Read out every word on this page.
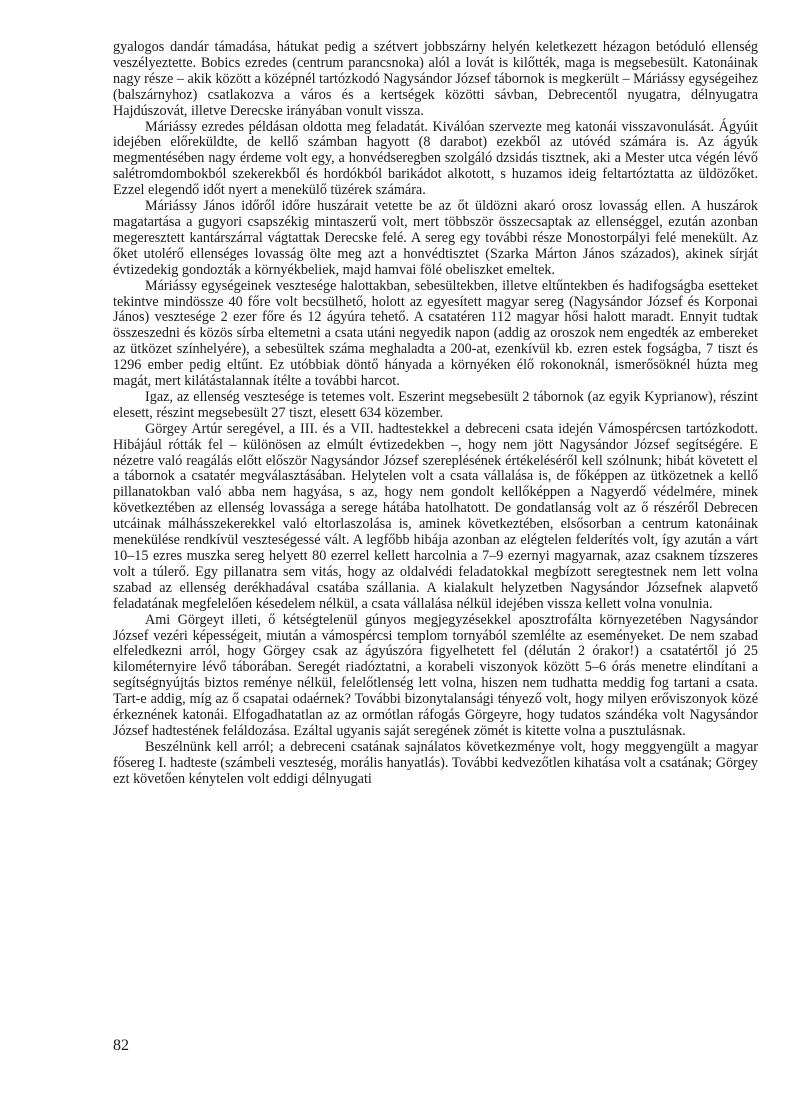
gyalogos dandár támadása, hátukat pedig a szétvert jobbszárny helyén keletkezett hézagon betóduló ellenség veszélyeztette. Bobics ezredes (centrum parancsnoka) alól a lovát is kilőtték, maga is megsebesült. Katonáinak nagy része – akik között a középnél tartózkodó Nagysándor József tábornok is megkerült – Máriássy egységeihez (balszárnyhoz) csatlakozva a város és a kertségek közötti sávban, Debrecentől nyugatra, délnyugatra Hajdúszovát, illetve Derecske irányában vonult vissza.

Máriássy ezredes példásan oldotta meg feladatát. Kiválóan szervezte meg katonái visszavonulását. Ágyúit idejében előreküldte, de kellő számban hagyott (8 darabot) ezekből az utóvéd számára is. Az ágyúk megmentésében nagy érdeme volt egy, a honvédseregben szolgáló dzsidás tisztnek, aki a Mester utca végén lévő salétromdombokból szekerekből és hordókból barikádot alkotott, s huzamos ideig feltartóztatta az üldözőket. Ezzel elegendő időt nyert a menekülő tüzérek számára.

Máriássy János időről időre huszárait vetette be az őt üldözni akaró orosz lovasság ellen. A huszárok magatartása a gugyori csapszékig mintaszerű volt, mert többször összecsaptak az ellenséggel, ezután azonban megeresztett kantárszárral vágtattak Derecske felé. A sereg egy további része Monostorpályi felé menekült. Az őket utolérő ellenséges lovasság ölte meg azt a honvédtisztet (Szarka Márton János százados), akinek sírját évtizedekig gondozták a környékbeliek, majd hamvai fölé obeliszket emeltek.

Máriássy egységeinek vesztesége halottakban, sebesültekben, illetve eltűntekben és hadifogságba esetteket tekintve mindössze 40 főre volt becsülhető, holott az egyesített magyar sereg (Nagysándor József és Korponai János) vesztesége 2 ezer főre és 12 ágyúra tehető. A csatatéren 112 magyar hősi halott maradt. Ennyit tudtak összeszedni és közös sírba eltemetni a csata utáni negyedik napon (addig az oroszok nem engedték az embereket az ütközet színhelyére), a sebesültek száma meghaladta a 200-at, ezenkívül kb. ezren estek fogságba, 7 tiszt és 1296 ember pedig eltűnt. Ez utóbbiak döntő hányada a környéken élő rokonoknál, ismerősöknél húzta meg magát, mert kilátástalannak ítélte a további harcot.

Igaz, az ellenség vesztesége is tetemes volt. Eszerint megsebesült 2 tábornok (az egyik Kyprianow), részint elesett, részint megsebesült 27 tiszt, elesett 634 közember.

Görgey Artúr seregével, a III. és a VII. hadtestekkel a debreceni csata idején Vámospércsen tartózkodott. Hibájául rótták fel – különösen az elmúlt évtizedekben –, hogy nem jött Nagysándor József segítségére. E nézetre való reagálás előtt először Nagysándor József szereplésének értékeléséről kell szólnunk; hibát követett el a tábornok a csatatér megválasztásában. Helytelen volt a csata vállalása is, de főképpen az ütközetnek a kellő pillanatokban való abba nem hagyása, s az, hogy nem gondolt kellőképpen a Nagyerdő védelmére, minek következtében az ellenség lovassága a serege hátába hatolhatott. De gondatlanság volt az ő részéről Debrecen utcáinak málhásszekerekkel való eltorlaszolása is, aminek következtében, elsősorban a centrum katonáinak menekülése rendkívül veszteségessé vált. A legfőbb hibája azonban az elégtelen felderítés volt, így azután a várt 10–15 ezres muszka sereg helyett 80 ezerrel kellett harcolnia a 7–9 ezernyi magyarnak, azaz csaknem tízszeres volt a túlerő. Egy pillanatra sem vitás, hogy az oldalvédi feladatokkal megbízott seregtestnek nem lett volna szabad az ellenség derékhadával csatába szállania. A kialakult helyzetben Nagysándor Józsefnek alapvető feladatának megfelelően késedelem nélkül, a csata vállalása nélkül idejében vissza kellett volna vonulnia.

Ami Görgeyt illeti, ő kétségtelenül gúnyos megjegyzésekkel aposztrofálta környezetében Nagysándor József vezéri képességeit, miután a vámospércsi templom tornyából szemlélte az eseményeket. De nem szabad elfeledkezni arról, hogy Görgey csak az ágyúszóra figyelhetett fel (délután 2 órakor!) a csatatértől jó 25 kilométernyire lévő táborában. Seregét riadóztatni, a korabeli viszonyok között 5–6 órás menetre elindítani a segítségnyújtás biztos reménye nélkül, felelőtlenség lett volna, hiszen nem tudhatta meddig fog tartani a csata. Tart-e addig, míg az ő csapatai odaérnek? További bizonytalansági tényező volt, hogy milyen erőviszonyok közé érkeznének katonái. Elfogadhatatlan az az ormótlan ráfogás Görgeyre, hogy tudatos szándéka volt Nagysándor József hadtestének feláldozása. Ezáltal ugyanis saját seregének zömét is kitette volna a pusztulásnak.

Beszélnünk kell arról; a debreceni csatának sajnálatos következménye volt, hogy meggyengült a magyar fősereg I. hadteste (számbeli veszteség, morális hanyatlás). További kedvezőtlen kihatása volt a csatának; Görgey ezt követően kénytelen volt eddigi délnyugati

82
